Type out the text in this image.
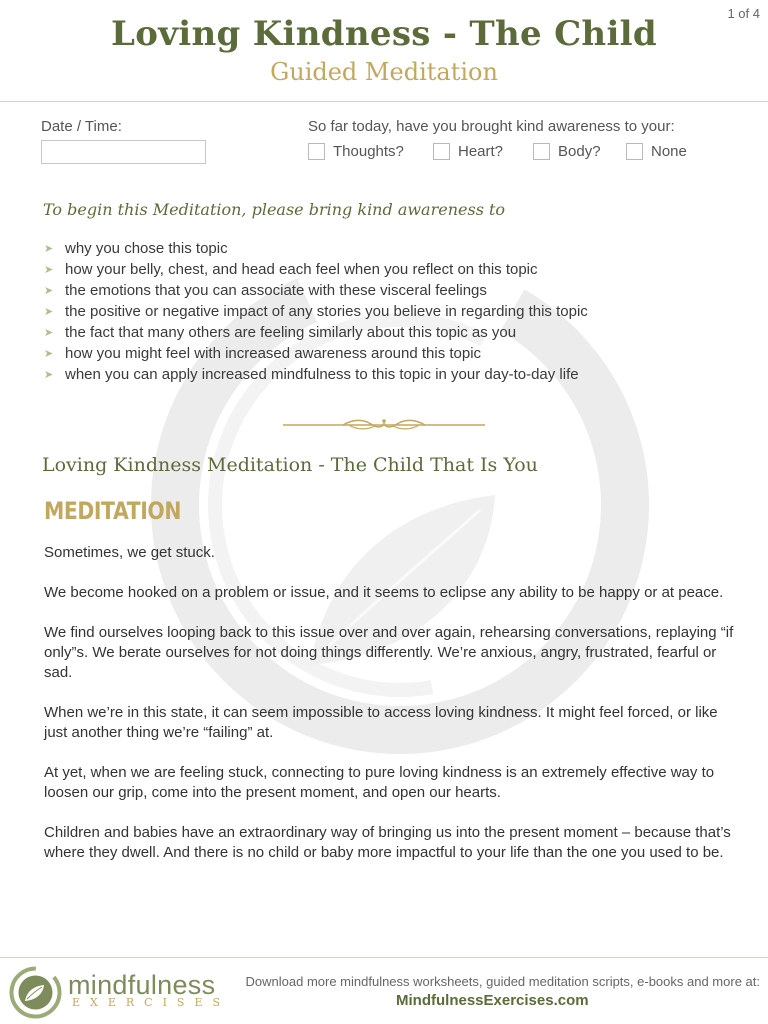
1 of 4
Loving Kindness - The Child
Guided Meditation
Date / Time:	So far today, have you brought kind awareness to your:
Thoughts?	Heart?	Body?	None
To begin this Meditation, please bring kind awareness to
➤ why you chose this topic
➤ how your belly, chest, and head each feel when you reflect on this topic
➤ the emotions that you can associate with these visceral feelings
➤ the positive or negative impact of any stories you believe in regarding this topic
➤ the fact that many others are feeling similarly about this topic as you
➤ how you might feel with increased awareness around this topic
➤ when you can apply increased mindfulness to this topic in your day-to-day life
Loving Kindness Meditation - The Child That Is You
MEDITATION

Sometimes, we get stuck.

We become hooked on a problem or issue, and it seems to eclipse any ability to be happy or at peace.

We find ourselves looping back to this issue over and over again, rehearsing conversations, replaying “if only”s. We berate ourselves for not doing things differently. We’re anxious, angry, frustrated, fearful or sad.

When we’re in this state, it can seem impossible to access loving kindness. It might feel forced, or like just another thing we’re “failing” at.

At yet, when we are feeling stuck, connecting to pure loving kindness is an extremely effective way to loosen our grip, come into the present moment, and open our hearts.

Children and babies have an extraordinary way of bringing us into the present moment – because that’s where they dwell. And there is no child or baby more impactful to your life than the one you used to be.

mindfulness
EXERCISES
Download more mindfulness worksheets, guided meditation scripts, e-books and more at:
MindfulnessExercises.com
